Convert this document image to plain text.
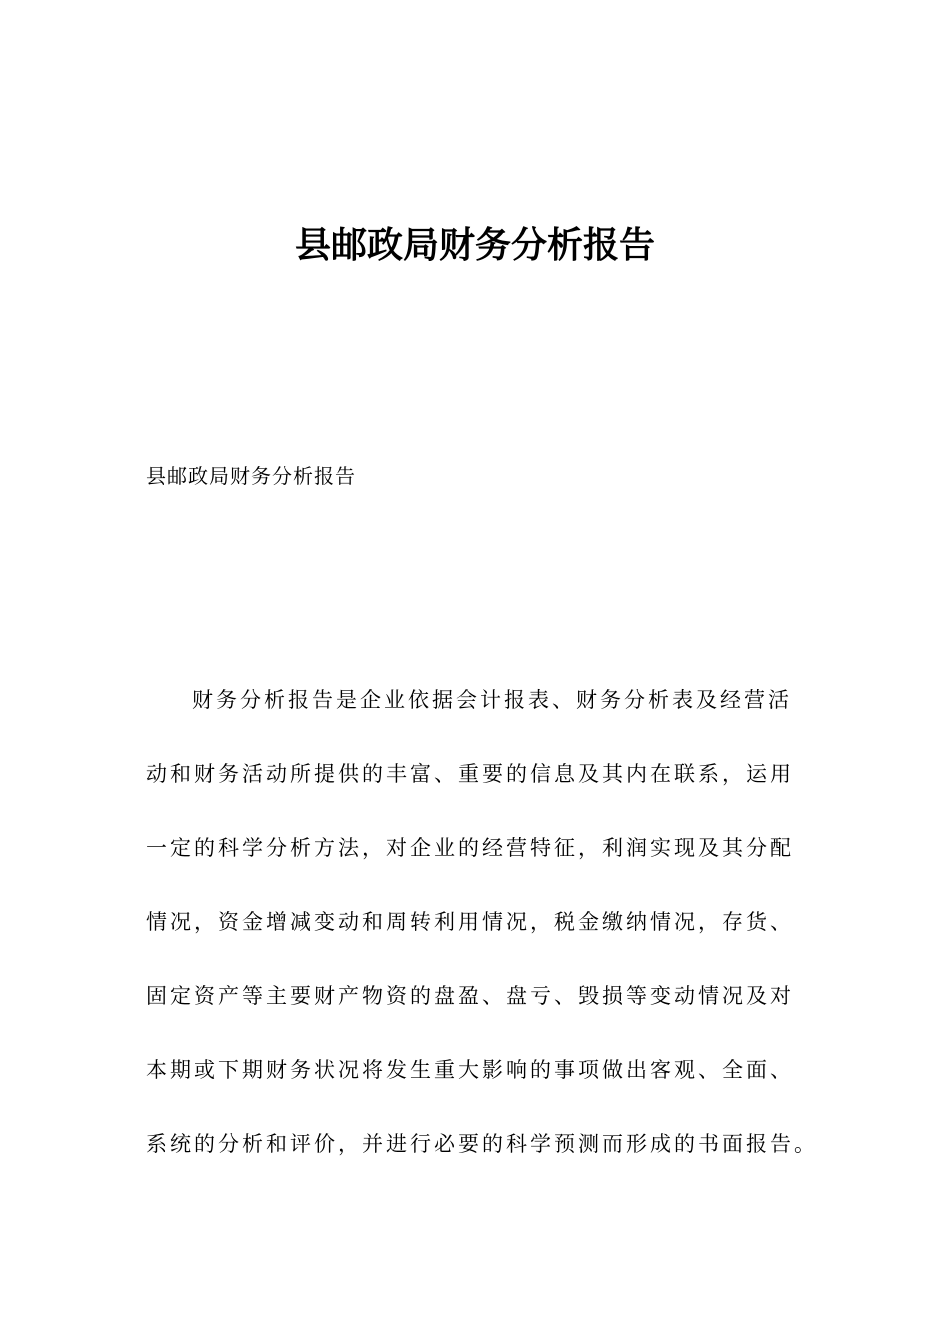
县邮政局财务分析报告

县邮政局财务分析报告

财务分析报告是企业依据会计报表、财务分析表及经营活

动和财务活动所提供的丰富、重要的信息及其内在联系，运用

一定的科学分析方法，对企业的经营特征，利润实现及其分配

情况，资金增减变动和周转利用情况，税金缴纳情况，存货、

固定资产等主要财产物资的盘盈、盘亏、毁损等变动情况及对

本期或下期财务状况将发生重大影响的事项做出客观、全面、

系统的分析和评价，并进行必要的科学预测而形成的书面报告。
